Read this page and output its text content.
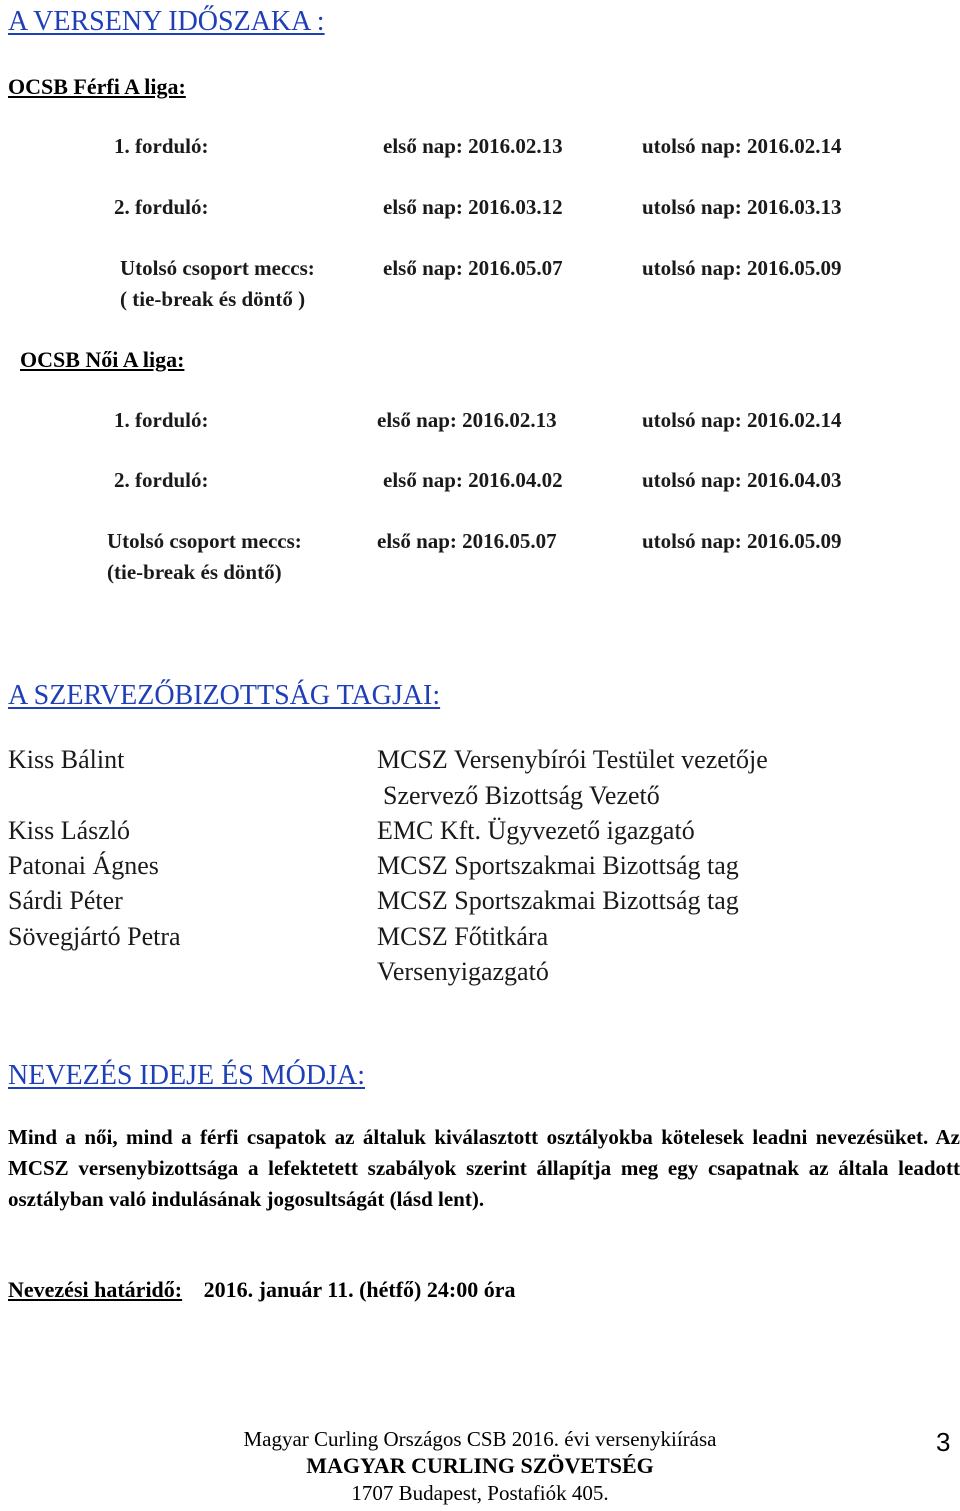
A VERSENY IDŐSZAKA :
OCSB Férfi A liga:
1. forduló:	első nap: 2016.02.13	utolsó nap: 2016.02.14
2. forduló:	első nap: 2016.03.12	utolsó nap: 2016.03.13
Utolsó csoport meccs:	első nap: 2016.05.07	utolsó nap: 2016.05.09
( tie-break és döntő )
OCSB Női A liga:
1. forduló:	első nap: 2016.02.13	utolsó nap: 2016.02.14
2. forduló:	első nap: 2016.04.02	utolsó nap: 2016.04.03
Utolsó csoport meccs:	első nap: 2016.05.07	utolsó nap: 2016.05.09
(tie-break és döntő)
A SZERVEZŐBIZOTTSÁG TAGJAI:
Kiss Bálint	MCSZ Versenybírói Testület vezetője
Szervező Bizottság Vezető
Kiss László	EMC Kft. Ügyvezető igazgató
Patonai Ágnes	MCSZ Sportszakmai Bizottság tag
Sárdi Péter	MCSZ Sportszakmai Bizottság tag
Sövegjártó Petra	MCSZ Főtitkára
Versenyigazgató
NEVEZÉS IDEJE ÉS MÓDJA:
Mind a női, mind a férfi csapatok az általuk kiválasztott osztályokba kötelesek leadni nevezésüket. Az MCSZ versenybizottsága a lefektetett szabályok szerint állapítja meg egy csapatnak az általa leadott osztályban való indulásának jogosultságát (lásd lent).
Nevezési határidő: 2016. január 11. (hétfő) 24:00 óra
Magyar Curling Országos CSB 2016. évi versenykiírása
MAGYAR CURLING SZÖVETSÉG
1707 Budapest, Postafiók 405.
3
